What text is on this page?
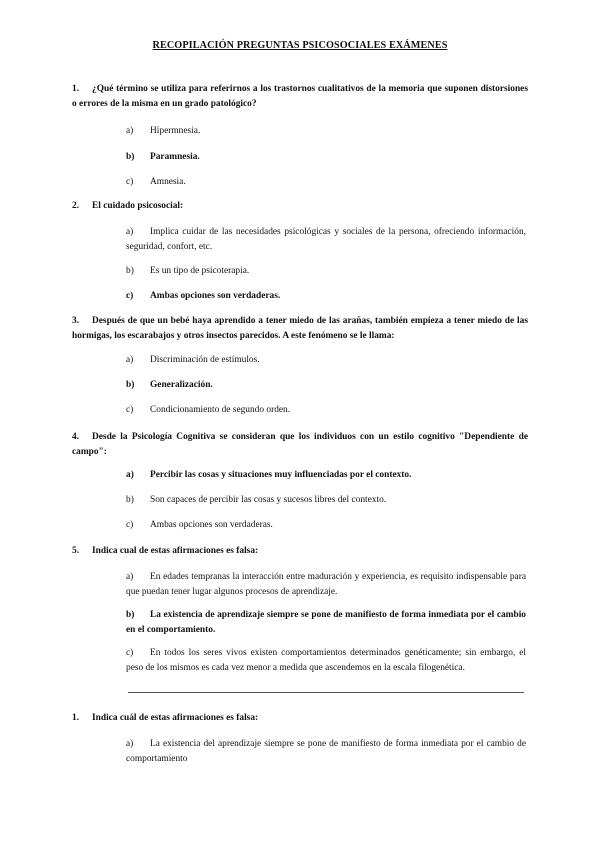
RECOPILACIÓN PREGUNTAS PSICOSOCIALES EXÁMENES
1. ¿Qué término se utiliza para referirnos a los trastornos cualitativos de la memoria que suponen distorsiones o errores de la misma en un grado patológico?
a) Hipermnesia.
b) Paramnesia.
c) Amnesia.
2. El cuidado psicosocial:
a) Implica cuidar de las necesidades psicológicas y sociales de la persona, ofreciendo información, seguridad, confort, etc.
b) Es un tipo de psicoterapia.
c) Ambas opciones son verdaderas.
3. Después de que un bebé haya aprendido a tener miedo de las arañas, también empieza a tener miedo de las hormigas, los escarabajos y otros insectos parecidos. A este fenómeno se le llama:
a) Discriminación de estímulos.
b) Generalización.
c) Condicionamiento de segundo orden.
4. Desde la Psicología Cognitiva se consideran que los individuos con un estilo cognitivo "Dependiente de campo":
a) Percibir las cosas y situaciones muy influenciadas por el contexto.
b) Son capaces de percibir las cosas y sucesos libres del contexto.
c) Ambas opciones son verdaderas.
5. Indica cual de estas afirmaciones es falsa:
a) En edades tempranas la interacción entre maduración y experiencia, es requisito indispensable para que puedan tener lugar algunos procesos de aprendizaje.
b) La existencia de aprendizaje siempre se pone de manifiesto de forma inmediata por el cambio en el comportamiento.
c) En todos los seres vivos existen comportamientos determinados genéticamente; sin embargo, el peso de los mismos es cada vez menor a medida que ascendemos en la escala filogenética.
1. Indica cuál de estas afirmaciones es falsa:
a) La existencia del aprendizaje siempre se pone de manifiesto de forma inmediata por el cambio de comportamiento
